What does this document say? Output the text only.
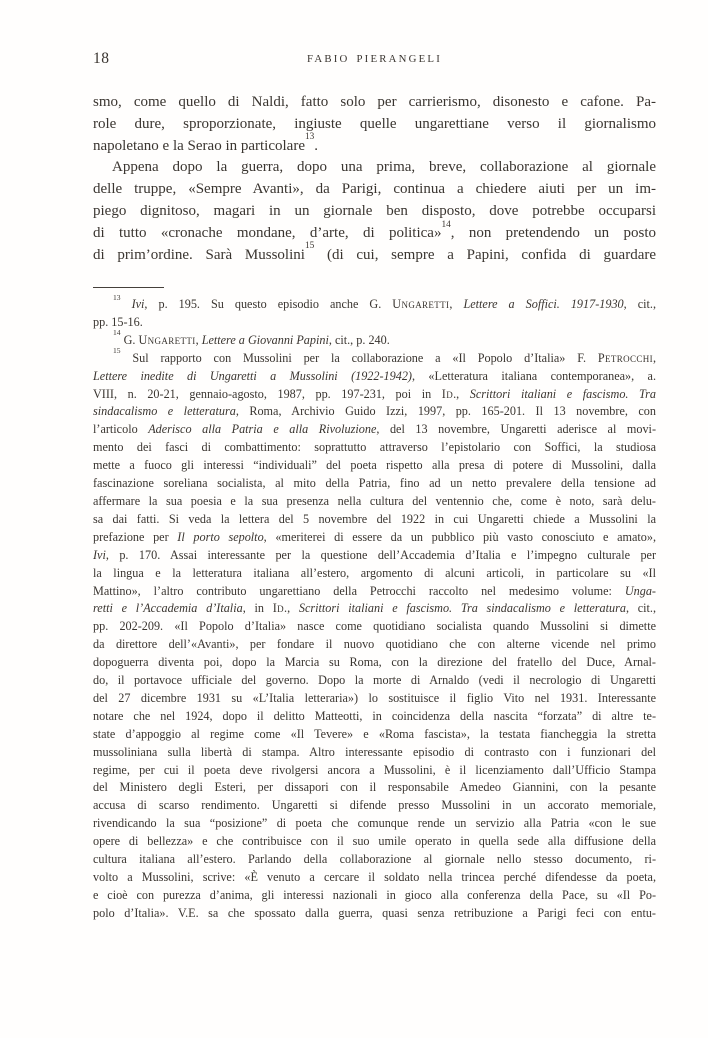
18	FABIO PIERANGELI
smo, come quello di Naldi, fatto solo per carrierismo, disonesto e cafone. Pa-
role dure, sproporzionate, ingiuste quelle ungarettiane verso il giornalismo
napoletano e la Serao in particolare$^{13}$.
Appena dopo la guerra, dopo una prima, breve, collaborazione al giornale
delle truppe, «Sempre Avanti», da Parigi, continua a chiedere aiuti per un im-
piego dignitoso, magari in un giornale ben disposto, dove potrebbe occuparsi
di tutto «cronache mondane, d’arte, di politica»$^{14}$, non pretendendo un posto
di prim’ordine. Sarà Mussolini$^{15}$ (di cui, sempre a Papini, confida di guardare
$^{13}$ Ivi, p. 195. Su questo episodio anche G. Ungaretti, Lettere a Soffici. 1917-1930, cit.,
pp. 15-16.
$^{14}$ G. Ungaretti, Lettere a Giovanni Papini, cit., p. 240.
$^{15}$ Sul rapporto con Mussolini per la collaborazione a «Il Popolo d’Italia» F. Petrocchi,
Lettere inedite di Ungaretti a Mussolini (1922-1942), «Letteratura italiana contemporanea», a.
VIII, n. 20-21, gennaio-agosto, 1987, pp. 197-231, poi in Id., Scrittori italiani e fascismo. Tra
sindacalismo e letteratura, Roma, Archivio Guido Izzi, 1997, pp. 165-201. Il 13 novembre, con
l’articolo Aderisco alla Patria e alla Rivoluzione, del 13 novembre, Ungaretti aderisce al movi-
mento dei fasci di combattimento: soprattutto attraverso l’epistolario con Soffici, la studiosa
mette a fuoco gli interessi “individuali” del poeta rispetto alla presa di potere di Mussolini, dalla
fascinazione soreliana socialista, al mito della Patria, fino ad un netto prevalere della tensione ad
affermare la sua poesia e la sua presenza nella cultura del ventennio che, come è noto, sarà delu-
sa dai fatti. Si veda la lettera del 5 novembre del 1922 in cui Ungaretti chiede a Mussolini la
prefazione per Il porto sepolto, «meriterei di essere da un pubblico più vasto conosciuto e amato»,
Ivi, p. 170. Assai interessante per la questione dell’Accademia d’Italia e l’impegno culturale per
la lingua e la letteratura italiana all’estero, argomento di alcuni articoli, in particolare su «Il
Mattino», l’altro contributo ungarettiano della Petrocchi raccolto nel medesimo volume: Unga-
retti e l’Accademia d’Italia, in Id., Scrittori italiani e fascismo. Tra sindacalismo e letteratura, cit.,
pp. 202-209. «Il Popolo d’Italia» nasce come quotidiano socialista quando Mussolini si dimette
da direttore dell’«Avanti», per fondare il nuovo quotidiano che con alterne vicende nel primo
dopoguerra diventa poi, dopo la Marcia su Roma, con la direzione del fratello del Duce, Arnal-
do, il portavoce ufficiale del governo. Dopo la morte di Arnaldo (vedi il necrologio di Ungaretti
del 27 dicembre 1931 su «L’Italia letteraria») lo sostituisce il figlio Vito nel 1931. Interessante
notare che nel 1924, dopo il delitto Matteotti, in coincidenza della nascita “forzata” di altre te-
state d’appoggio al regime come «Il Tevere» e «Roma fascista», la testata fiancheggia la stretta
mussoliniana sulla libertà di stampa. Altro interessante episodio di contrasto con i funzionari del
regime, per cui il poeta deve rivolgersi ancora a Mussolini, è il licenziamento dall’Ufficio Stampa
del Ministero degli Esteri, per dissapori con il responsabile Amedeo Giannini, con la pesante
accusa di scarso rendimento. Ungaretti si difende presso Mussolini in un accorato memoriale,
rivendicando la sua “posizione” di poeta che comunque rende un servizio alla Patria «con le sue
opere di bellezza» e che contribuisce con il suo umile operato in quella sede alla diffusione della
cultura italiana all’estero. Parlando della collaborazione al giornale nello stesso documento, ri-
volto a Mussolini, scrive: «È venuto a cercare il soldato nella trincea perché difendesse da poeta,
e cioè con purezza d’anima, gli interessi nazionali in gioco alla conferenza della Pace, su «Il Po-
polo d’Italia». V.E. sa che spossato dalla guerra, quasi senza retribuzione a Parigi feci con entu-
